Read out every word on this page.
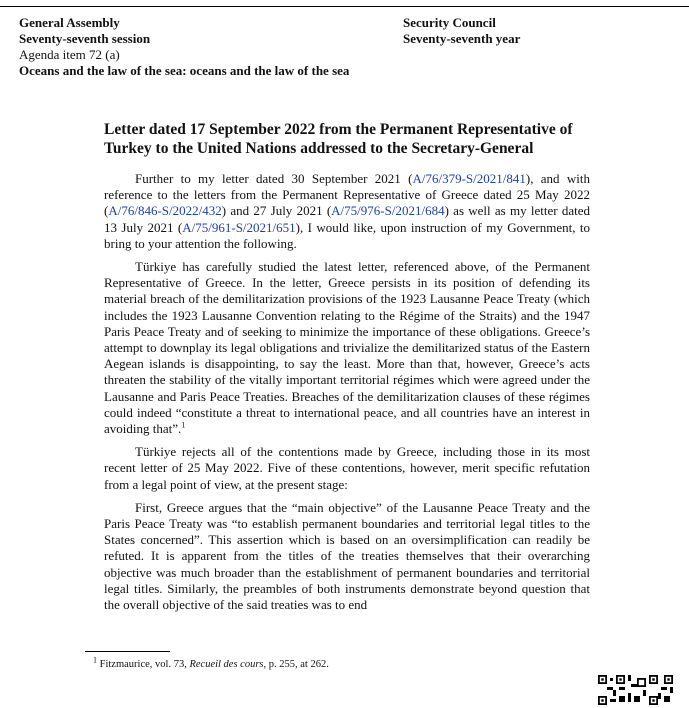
General Assembly
Seventy-seventh session
Agenda item 72 (a)
Oceans and the law of the sea: oceans and the law of the sea
Security Council
Seventy-seventh year
Letter dated 17 September 2022 from the Permanent Representative of Turkey to the United Nations addressed to the Secretary-General

Further to my letter dated 30 September 2021 (A/76/379-S/2021/841), and with reference to the letters from the Permanent Representative of Greece dated 25 May 2022 (A/76/846-S/2022/432) and 27 July 2021 (A/75/976-S/2021/684) as well as my letter dated 13 July 2021 (A/75/961-S/2021/651), I would like, upon instruction of my Government, to bring to your attention the following.

Türkiye has carefully studied the latest letter, referenced above, of the Permanent Representative of Greece. In the letter, Greece persists in its position of defending its material breach of the demilitarization provisions of the 1923 Lausanne Peace Treaty (which includes the 1923 Lausanne Convention relating to the Régime of the Straits) and the 1947 Paris Peace Treaty and of seeking to minimize the importance of these obligations. Greece’s attempt to downplay its legal obligations and trivialize the demilitarized status of the Eastern Aegean islands is disappointing, to say the least. More than that, however, Greece’s acts threaten the stability of the vitally important territorial régimes which were agreed under the Lausanne and Paris Peace Treaties. Breaches of the demilitarization clauses of these régimes could indeed “constitute a threat to international peace, and all countries have an interest in avoiding that”.$^1$

Türkiye rejects all of the contentions made by Greece, including those in its most recent letter of 25 May 2022. Five of these contentions, however, merit specific refutation from a legal point of view, at the present stage:

First, Greece argues that the “main objective” of the Lausanne Peace Treaty and the Paris Peace Treaty was “to establish permanent boundaries and territorial legal titles to the States concerned”. This assertion which is based on an oversimplification can readily be refuted. It is apparent from the titles of the treaties themselves that their overarching objective was much broader than the establishment of permanent boundaries and territorial legal titles. Similarly, the preambles of both instruments demonstrate beyond question that the overall objective of the said treaties was to end

$^1$ Fitzmaurice, vol. 73, Recueil des cours, p. 255, at 262.
